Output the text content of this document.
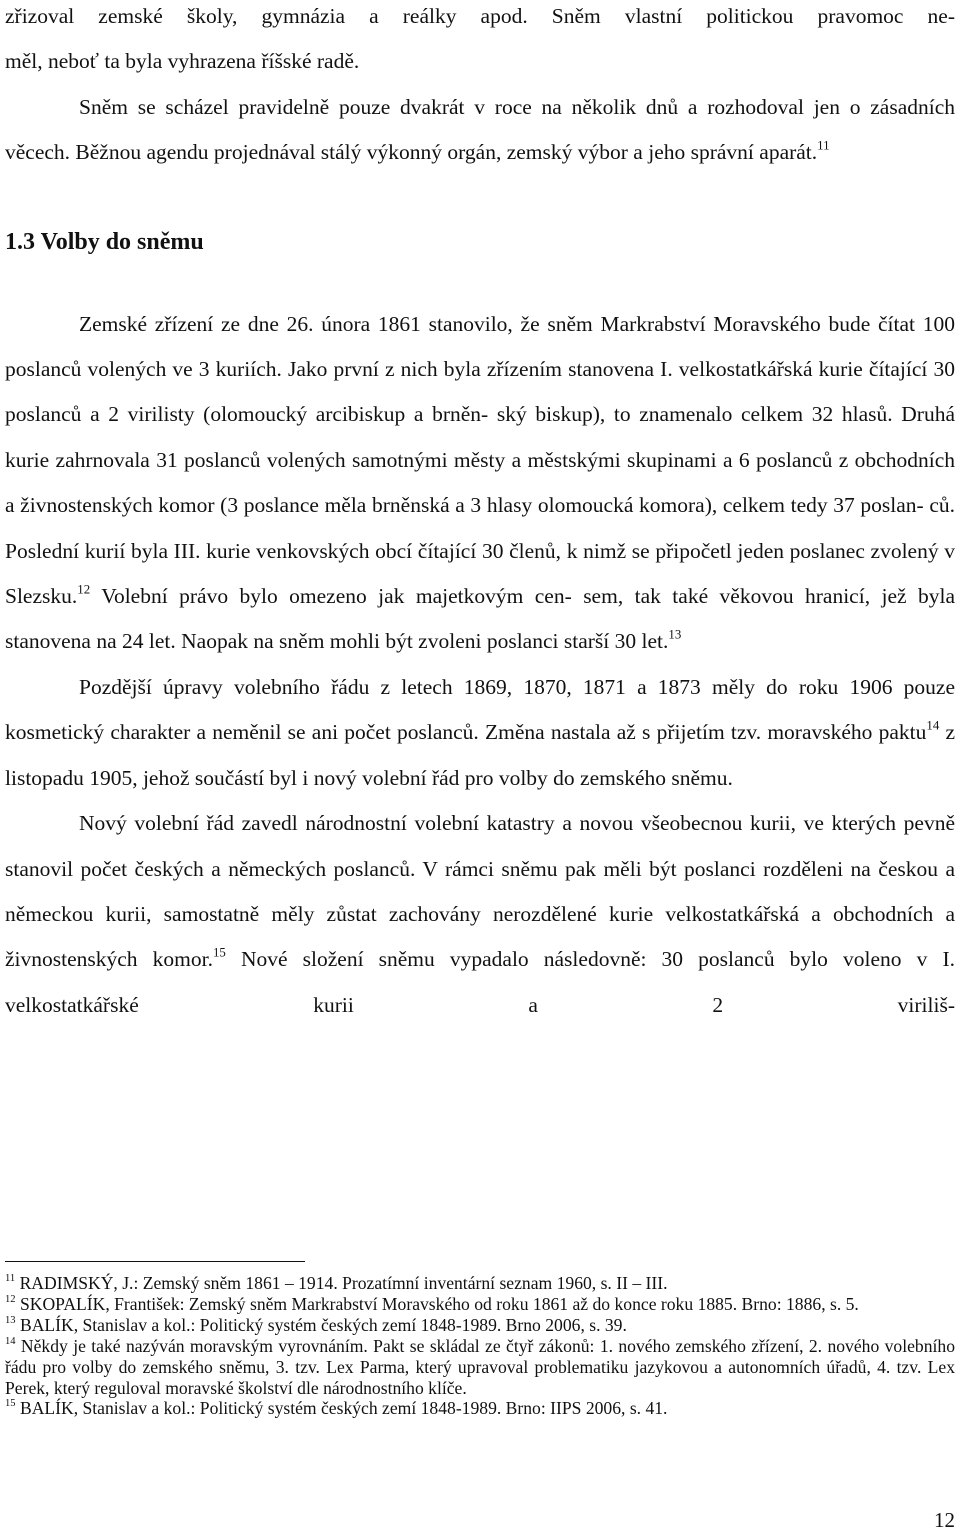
zřizoval zemské školy, gymnázia a reálky apod. Sněm vlastní politickou pravomoc ne-
měl, neboť ta byla vyhrazena říšské radě.

Sněm se scházel pravidelně pouze dvakrát v roce na několik dnů a rozhodoval jen o zásadních věcech. Běžnou agendu projednával stálý výkonný orgán, zemský výbor a jeho správní aparát.$^{11}$

1.3 Volby do sněmu

Zemské zřízení ze dne 26. února 1861 stanovilo, že sněm Markrabství Moravského bude čítat 100 poslanců volených ve 3 kuriích. Jako první z nich byla zřízením stanovena I. velkostatkářská kurie čítající 30 poslanců a 2 virilisty (olomoucký arcibiskup a brněn- ský biskup), to znamenalo celkem 32 hlasů. Druhá kurie zahrnovala 31 poslanců volených samotnými městy a městskými skupinami a 6 poslanců z obchodních a živnostenských komor (3 poslance měla brněnská a 3 hlasy olomoucká komora), celkem tedy 37 poslan- ců. Poslední kurií byla III. kurie venkovských obcí čítající 30 členů, k nimž se připočetl jeden poslanec zvolený v Slezsku.$^{12}$ Volební právo bylo omezeno jak majetkovým cen- sem, tak také věkovou hranicí, jež byla stanovena na 24 let. Naopak na sněm mohli být zvoleni poslanci starší 30 let.$^{13}$

Pozdější úpravy volebního řádu z letech 1869, 1870, 1871 a 1873 měly do roku 1906 pouze kosmetický charakter a neměnil se ani počet poslanců. Změna nastala až s přijetím tzv. moravského paktu$^{14}$ z listopadu 1905, jehož součástí byl i nový volební řád pro volby do zemského sněmu.

Nový volební řád zavedl národnostní volební katastry a novou všeobecnou kurii, ve kterých pevně stanovil počet českých a německých poslanců. V rámci sněmu pak měli být poslanci rozděleni na českou a německou kurii, samostatně měly zůstat zachovány nerozdělené kurie velkostatkářská a obchodních a živnostenských komor.$^{15}$ Nové složení sněmu vypadalo následovně: 30 poslanců bylo voleno v I. velkostatkářské kurii a 2 viriliš-

$^{11}$ RADIMSKÝ, J.: Zemský sněm 1861 – 1914. Prozatímní inventární seznam 1960, s. II – III.

$^{12}$ SKOPALÍK, František: Zemský sněm Markrabství Moravského od roku 1861 až do konce roku 1885. Brno: 1886, s. 5.

$^{13}$ BALÍK, Stanislav a kol.: Politický systém českých zemí 1848-1989. Brno 2006, s. 39.

$^{14}$ Někdy je také nazýván moravským vyrovnáním. Pakt se skládal ze čtyř zákonů: 1. nového zemského zřízení, 2. nového volebního řádu pro volby do zemského sněmu, 3. tzv. Lex Parma, který upravoval problematiku jazykovou a autonomních úřadů, 4. tzv. Lex Perek, který reguloval moravské školství dle národnostního klíče.

$^{15}$ BALÍK, Stanislav a kol.: Politický systém českých zemí 1848-1989. Brno: IIPS 2006, s. 41.

12
